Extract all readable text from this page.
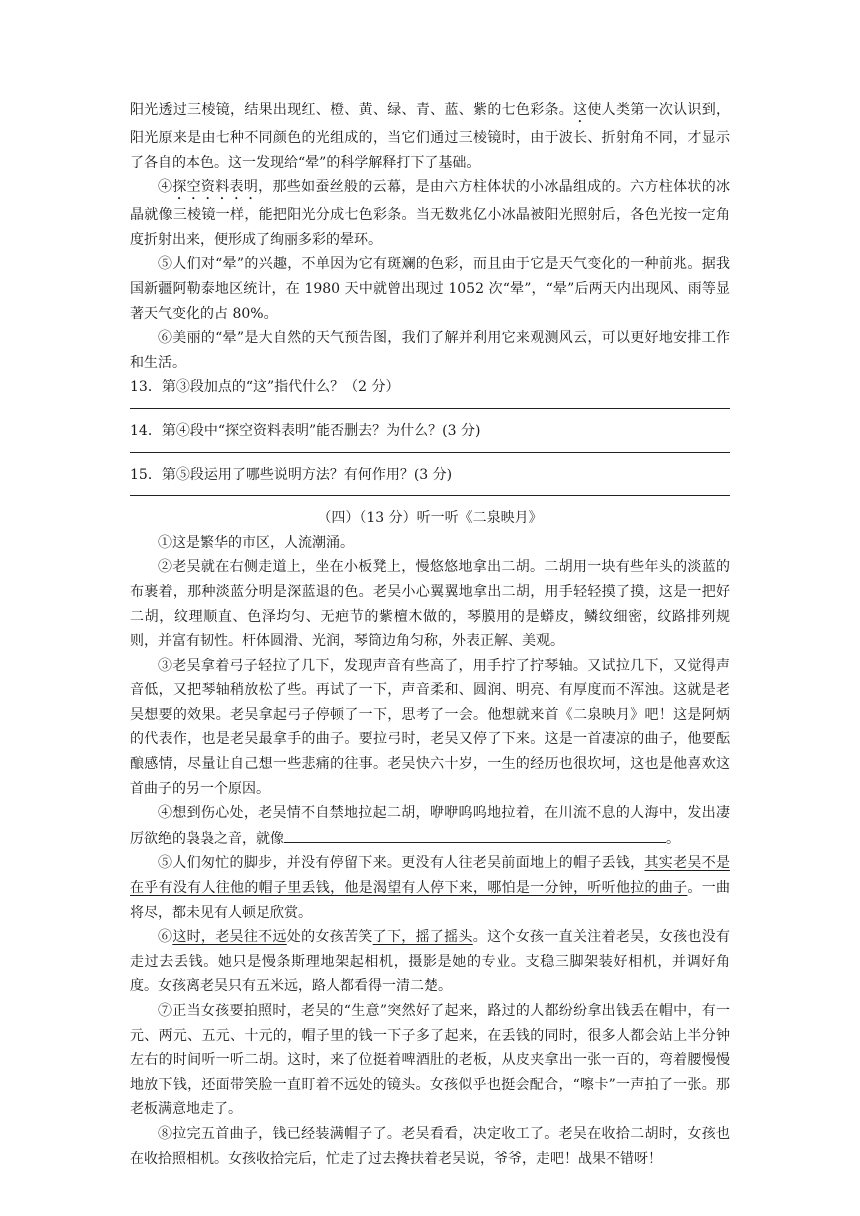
阳光透过三棱镜，结果出现红、橙、黄、绿、青、蓝、紫的七色彩条。这使人类第一次认识到，阳光原来是由七种不同颜色的光组成的，当它们通过三棱镜时，由于波长、折射角不同，才显示了各自的本色。这一发现给“晕”的科学解释打下了基础。

④探空资料表明，那些如蚕丝般的云幕，是由六方柱体状的小冰晶组成的。六方柱体状的冰晶就像三棱镜一样，能把阳光分成七色彩条。当无数兆亿小冰晶被阳光照射后，各色光按一定角度折射出来，便形成了绚丽多彩的晕环。

⑤人们对“晕”的兴趣，不单因为它有斑斓的色彩，而且由于它是天气变化的一种前兆。据我国新疆阿勒泰地区统计，在 1980 天中就曾出现过 1052 次“晕”，“晕”后两天内出现风、雨等显著天气变化的占 80%。

⑥美丽的“晕”是大自然的天气预告图，我们了解并利用它来观测风云，可以更好地安排工作和生活。

13．第③段加点的“这”指代什么？（2 分）

14．第④段中“探空资料表明”能否删去？为什么？(3 分)

15．第⑤段运用了哪些说明方法？有何作用？(3 分)

（四）（13 分）听一听《二泉映月》

①这是繁华的市区，人流潮涌。

②老吴就在右侧走道上，坐在小板凳上，慢悠悠地拿出二胡。二胡用一块有些年头的淡蓝的布裹着，那种淡蓝分明是深蓝退的色。老吴小心翼翼地拿出二胡，用手轻轻摸了摸，这是一把好二胡，纹理顺直、色泽均匀、无疤节的紫檀木做的，琴膜用的是蟒皮，鳞纹细密，纹路排列规则，并富有韧性。杆体圆滑、光润，琴筒边角匀称，外表正解、美观。

③老吴拿着弓子轻拉了几下，发现声音有些高了，用手拧了拧琴轴。又试拉几下，又觉得声音低，又把琴轴稍放松了些。再试了一下，声音柔和、圆润、明亮、有厚度而不浑浊。这就是老吴想要的效果。老吴拿起弓子停顿了一下，思考了一会。他想就来首《二泉映月》吧！这是阿炳的代表作，也是老吴最拿手的曲子。要拉弓时，老吴又停了下来。这是一首凄凉的曲子，他要酝酿感情，尽量让自己想一些悲痛的往事。老吴快六十岁，一生的经历也很坎坷，这也是他喜欢这首曲子的另一个原因。

④想到伤心处，老吴情不自禁地拉起二胡，咿咿呜呜地拉着，在川流不息的人海中，发出凄厉欲绝的袅袅之音，就像	。

⑤人们匆忙的脚步，并没有停留下来。更没有人往老吴前面地上的帽子丢钱，其实老吴不是在乎有没有人往他的帽子里丢钱，他是渴望有人停下来，哪怕是一分钟，听听他拉的曲子。一曲将尽，都未见有人顿足欣赏。

⑥这时，老吴往不远处的女孩苦笑了下，摇了摇头。这个女孩一直关注着老吴，女孩也没有走过去丢钱。她只是慢条斯理地架起相机，摄影是她的专业。支稳三脚架装好相机，并调好角度。女孩离老吴只有五米远，路人都看得一清二楚。

⑦正当女孩要拍照时，老吴的“生意”突然好了起来，路过的人都纷纷拿出钱丢在帽中，有一元、两元、五元、十元的，帽子里的钱一下子多了起来，在丢钱的同时，很多人都会站上半分钟左右的时间听一听二胡。这时，来了位挺着啤酒肚的老板，从皮夹拿出一张一百的，弯着腰慢慢地放下钱，还面带笑脸一直盯着不远处的镜头。女孩似乎也挺会配合，“嚓卡”一声拍了一张。那老板满意地走了。

⑧拉完五首曲子，钱已经装满帽子了。老吴看看，决定收工了。老吴在收拾二胡时，女孩也在收拾照相机。女孩收拾完后，忙走了过去搀扶着老吴说，爷爷，走吧！战果不错呀！
